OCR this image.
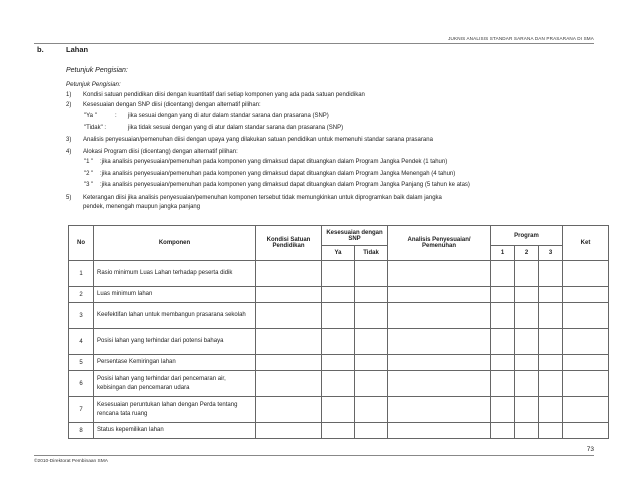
JUKNIS ANALISIS STANDAR SARANA DAN PRASARANA DI SMA
b.	Lahan
Petunjuk Pengisian:
Petunjuk Pengisian:
1) Kondisi satuan pendidikan diisi dengan kuantitatif dari setiap komponen yang ada pada satuan pendidikan
2) Kesesuaian dengan SNP diisi (dicentang) dengan alternatif pilihan:
"Ya "	: jika sesuai dengan yang di atur dalam standar sarana dan prasarana (SNP)
"Tidak" :	jika tidak sesuai dengan yang di atur dalam standar sarana dan prasarana (SNP)
3) Analisis penyesuaian/pemenuhan diisi dengan upaya yang dilakukan satuan pendidikan untuk memenuhi standar sarana prasarana
4) Alokasi Program diisi (dicentang) dengan alternatif pilihan:
"1 " :jika analisis penyesuaian/pemenuhan pada komponen yang dimaksud dapat dituangkan dalam Program Jangka Pendek (1 tahun)
"2 " :jika analisis penyesuaian/pemenuhan pada komponen yang dimaksud dapat dituangkan dalam Program Jangka Menengah (4 tahun)
"3 " :jika analisis penyesuaian/pemenuhan pada komponen yang dimaksud dapat dituangkan dalam Program Jangka Panjang (5 tahun ke atas)
5) Keterangan diisi jika analisis penyesuaian/pemenuhan komponen tersebut tidak memungkinkan untuk diprogramkan baik dalam jangka
pendek, menengah maupun jangka panjang
No	Komponen	Kondisi Satuan Pendidikan	Kesesuaian dengan SNP		Analisis Penyesuaian/ Pemenuhan	Program			Ket
			Ya	Tidak		1	2	3	
1	Rasio minimum Luas Lahan terhadap peserta didik								
2	Luas minimum lahan								
3	Keefektifan lahan untuk membangun prasarana sekolah								
4	Posisi lahan yang terhindar dari potensi bahaya								
5	Persentase Kemiringan lahan								
6	Posisi lahan yang terhindar dari pencemaran air, kebisingan dan pencemaran udara								
7	Kesesuaian peruntukan lahan dengan Perda tentang rencana tata ruang								
8	Status kepemilikan lahan								
73
©2010-Direktorat Pembinaan SMA
